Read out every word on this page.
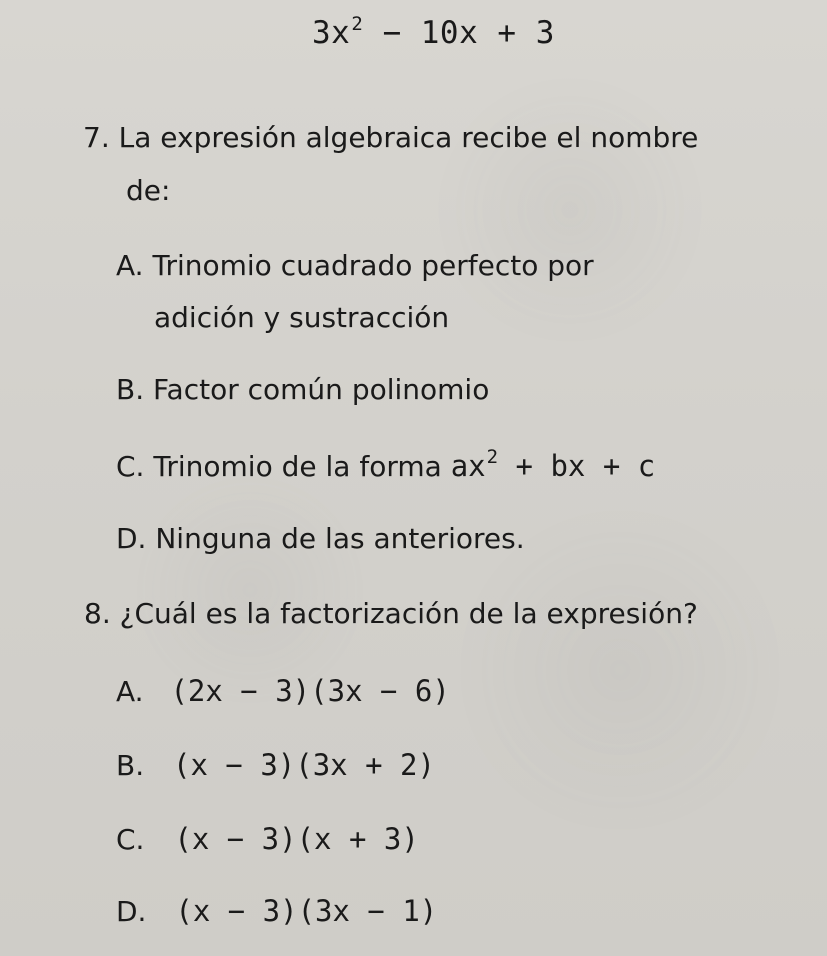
$3x^2 - 10x + 3$
7. La expresión algebraica recibe el nombre
de:
A. Trinomio cuadrado perfecto por
adición y sustracción
B. Factor común polinomio
C. Trinomio de la forma $ax^2$ + bx + c
D. Ninguna de las anteriores.
8. ¿Cuál es la factorización de la expresión?
A. (2x − 3)(3x − 6)
B. (x − 3)(3x + 2)
C. (x − 3)(x + 3)
D. (x − 3)(3x − 1)
